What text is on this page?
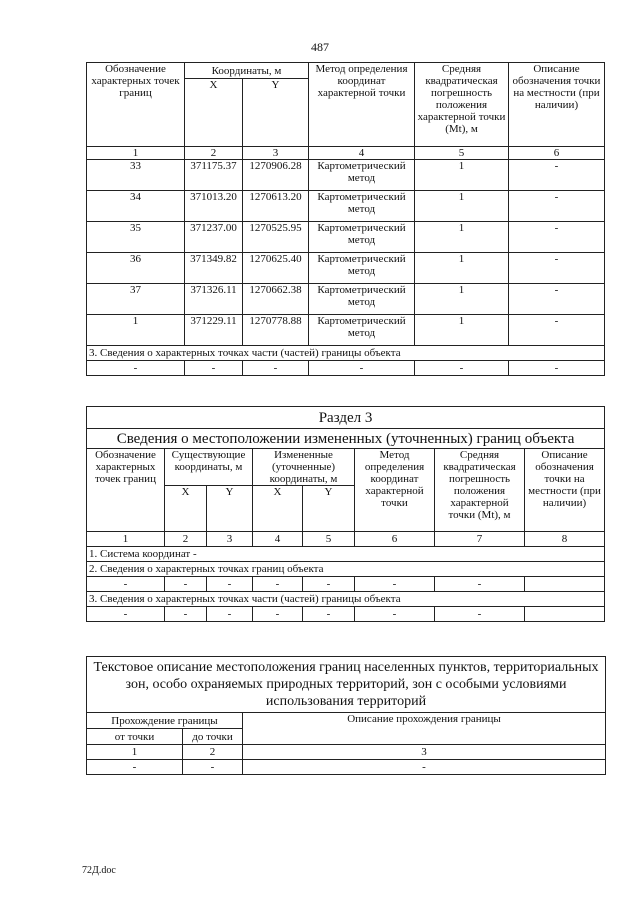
487
Обозначение характерных точек границ	Координаты, м		Метод определения координат характерной точки	Средняя квадратическая погрешность положения характерной точки (Mt), м	Описание обозначения точки на местности (при наличии)
	X	Y			
1	2	3	4	5	6
33	371175.37	1270906.28	Картометрический метод	1	-
34	371013.20	1270613.20	Картометрический метод	1	-
35	371237.00	1270525.95	Картометрический метод	1	-
36	371349.82	1270625.40	Картометрический метод	1	-
37	371326.11	1270662.38	Картометрический метод	1	-
1	371229.11	1270778.88	Картометрический метод	1	-
3. Сведения о характерных точках части (частей) границы объекта					
-	-	-	-	-	-
Раздел 3							
Сведения о местоположении измененных (уточненных) границ объекта							
Обозначение характерных точек границ	Существующие координаты, м		Измененные (уточненные) координаты, м		Метод определения координат характерной точки	Средняя квадратическая погрешность положения характерной точки (Mt), м	Описание обозначения точки на местности (при наличии)
	X	Y	X	Y			
1	2	3	4	5	6	7	8
1. Система координат -							
2. Сведения о характерных точках границ объекта							
-	-	-	-	-	-	-	
3. Сведения о характерных точках части (частей) границы объекта							
-	-	-	-	-	-	-	
Текстовое описание местоположения границ населенных пунктов, территориальных зон, особо охраняемых природных территорий, зон с особыми условиями использования территорий		
Прохождение границы		Описание прохождения границы
от точки	до точки	
1	2	3
-	-	-
72Д.doc
